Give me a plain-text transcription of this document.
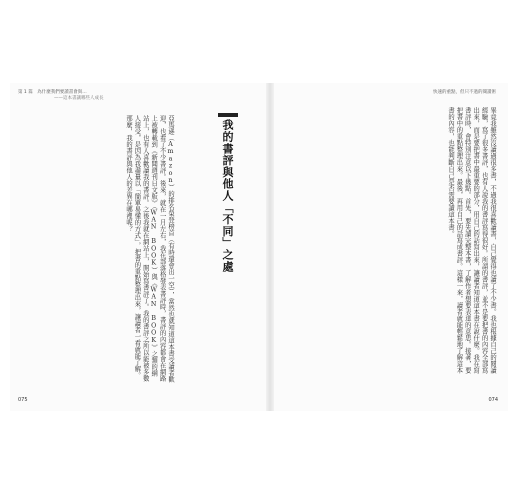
第 1 篇　為什麼我們要讀書會與…
——這本書讓哪些人成長
我的書評與他人「不同」之處
亞馬遜（Amazon）的排名榮登榜首（有時還會出一空），當然也就知道這本書受讀者歡迎，也看了不少書評。後來，就在一月左右，我在部落格發表書評時，書評的內容都會在網路上被轉載到《新聞週刊日文版》（WAN BOOK）與《WAN BOOK》之類的網站上，也有人喜歡讀我的書評。之後我就在網站上，開始寫書評了。我的書評之所以能被多數人接受，是因為我盡量以「簡單易懂的方式」，把書的重點整理出來，讓讀者一看就能了解。那麼，我的書評與他人的差異在哪裡呢？
075
快速的重點，但只不過的閱讀術
畢竟我雖然沒讀過很多書，不過我很喜歡讀書，自己覺得也讀了不少書。我也根據自己的閱讀經驗，寫了很多書評，也有人說我的書評寫得很好。所謂的書評，並不是要把書的內容全部寫出來，而是要把書中最重要的部分，用自己的話寫出來，讓讀者知道這本書在說什麼。我在寫書評時，會特別注意以下幾點。首先，要先讀完整本書，了解作者想要表達的意思。接著，要把書中的重點整理出來。最後，再用自己的話寫成書評。這樣一來，讀者就能輕鬆地了解這本書的內容，也能判斷自己是否需要讀這本書。
074
